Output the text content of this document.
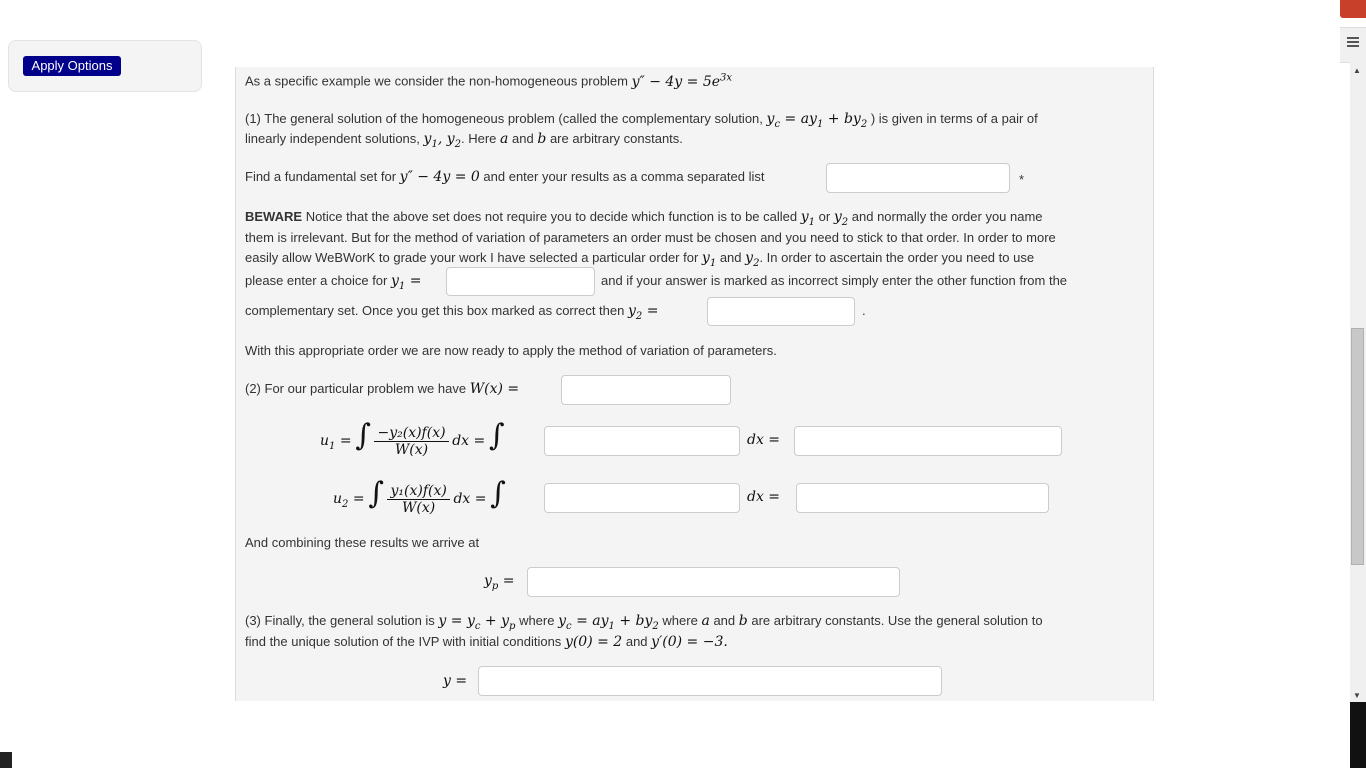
Apply Options
As a specific example we consider the non-homogeneous problem $y'' - 4y = 5e^{3x}$
(1) The general solution of the homogeneous problem (called the complementary solution, $y_c = ay_1 + by_2$ ) is given in terms of a pair of
linearly independent solutions, $y_1$, $y_2$. Here a and b are arbitrary constants.
Find a fundamental set for y″ − 4y = 0 and enter your results as a comma separated list	*
BEWARE Notice that the above set does not require you to decide which function is to be called $y_1$ or $y_2$ and normally the order you name
them is irrelevant. But for the method of variation of parameters an order must be chosen and you need to stick to that order. In order to more
easily allow WeBWorK to grade your work I have selected a particular order for $y_1$ and $y_2$. In order to ascertain the order you need to use
please enter a choice for $y_1$ =	and if your answer is marked as incorrect simply enter the other function from the
complementary set. Once you get this box marked as correct then $y_2$ =	.
With this appropriate order we are now ready to apply the method of variation of parameters.
(2) For our particular problem we have W(x) =
$u_1$ = ∫ $\frac{\text{−y₂(x)f(x)}}{W(x)}$ dx = ∫	dx =
$u_2$ = ∫ $\frac{\text{y₁(x)f(x)}}{W(x)}$ dx = ∫	dx =
And combining these results we arrive at
$y_p$ =
(3) Finally, the general solution is $y = y_c + y_p$ where $y_c = ay_1 + by_2$ where a and b are arbitrary constants. Use the general solution to
find the unique solution of the IVP with initial conditions y(0) = 2 and y′(0) = −3.
y =
▲
▼
